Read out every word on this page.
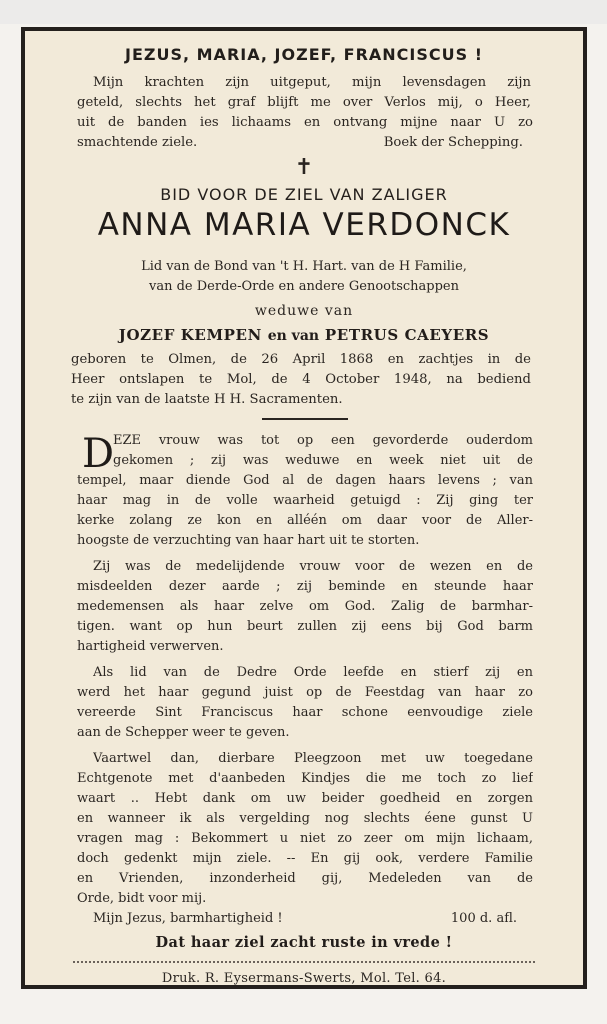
JEZUS, MARIA, JOZEF, FRANCISCUS !
Mijn krachten zijn uitgeput, mijn levensdagen zijn
geteld, slechts het graf blijft me over Verlos mij, o Heer,
uit de banden ies lichaams en ontvang mijne naar U zo
smachtende ziele.	Boek der Schepping.
✝
BID VOOR DE ZIEL VAN ZALIGER
ANNA MARIA VERDONCK
Lid van de Bond van 't H. Hart. van de H Familie,
van de Derde-Orde en andere Genootschappen
weduwe van
JOZEF KEMPEN en van PETRUS CAEYERS
geboren te Olmen, de 26 April 1868 en zachtjes in de
Heer ontslapen te Mol, de 4 October 1948, na bediend
te zijn van de laatste H H. Sacramenten.
D
EZE vrouw was tot op een gevorderde ouderdom
gekomen ; zij was weduwe en week niet uit de
tempel, maar diende God al de dagen haars levens ; van
haar mag in de volle waarheid getuigd : Zij ging ter
kerke zolang ze kon en alléén om daar voor de Aller-
hoogste de verzuchting van haar hart uit te storten.
Zij was de medelijdende vrouw voor de wezen en de
misdeelden dezer aarde ; zij beminde en steunde haar
medemensen als haar zelve om God. Zalig de barmhar-
tigen. want op hun beurt zullen zij eens bij God barm
hartigheid verwerven.
Als lid van de Dedre Orde leefde en stierf zij en
werd het haar gegund juist op de Feestdag van haar zo
vereerde Sint Franciscus haar schone eenvoudige ziele
aan de Schepper weer te geven.
Vaartwel dan, dierbare Pleegzoon met uw toegedane
Echtgenote met d'aanbeden Kindjes die me toch zo lief
waart .. Hebt dank om uw beider goedheid en zorgen
en wanneer ik als vergelding nog slechts éene gunst U
vragen mag : Bekommert u niet zo zeer om mijn lichaam,
doch gedenkt mijn ziele. -- En gij ook, verdere Familie
en Vrienden, inzonderheid gij, Medeleden van de
Orde, bidt voor mij.
Mijn Jezus, barmhartigheid !	100 d. afl.
Dat haar ziel zacht ruste in vrede !
Druk. R. Eysermans-Swerts, Mol. Tel. 64.
